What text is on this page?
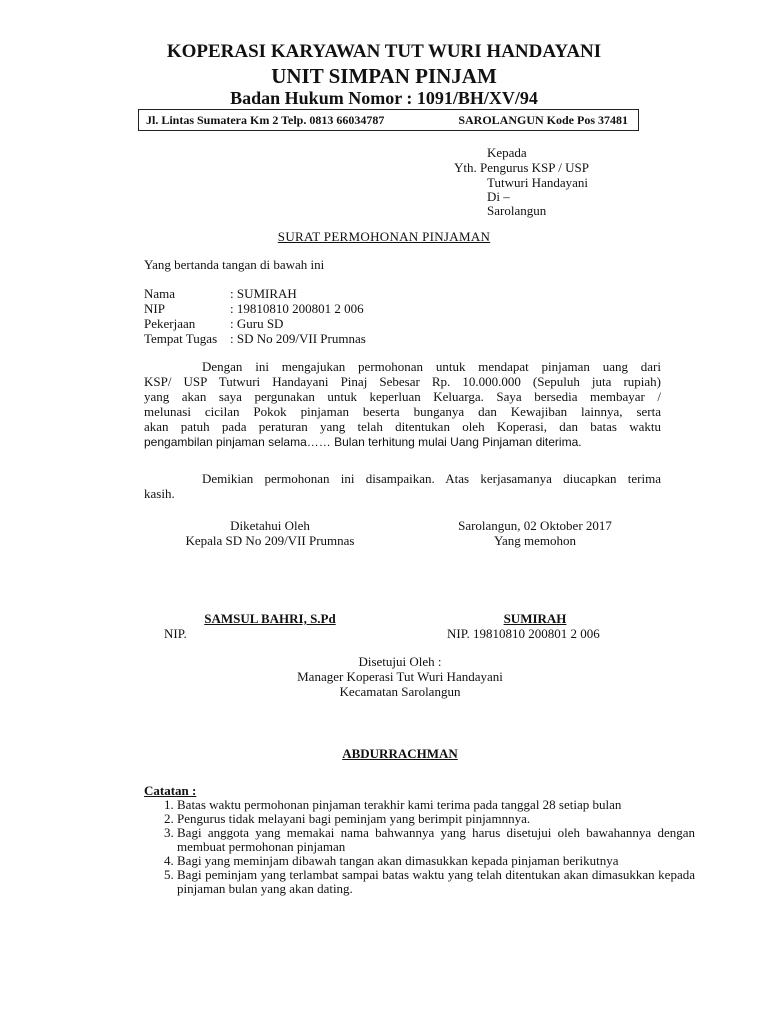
KOPERASI KARYAWAN TUT WURI HANDAYANI
UNIT SIMPAN PINJAM
Badan Hukum Nomor : 1091/BH/XV/94
Jl. Lintas Sumatera Km 2 Telp. 0813 66034787	SAROLANGUN Kode Pos 37481
Kepada
Yth. Pengurus KSP / USP
Tutwuri Handayani
Di –
Sarolangun
SURAT PERMOHONAN PINJAMAN
Yang bertanda tangan di bawah ini
Nama	: SUMIRAH
NIP	: 19810810 200801 2 006
Pekerjaan	: Guru SD
Tempat Tugas : SD No 209/VII Prumnas
Dengan ini mengajukan permohonan untuk mendapat pinjaman uang dari
KSP/ USP Tutwuri Handayani Pinaj Sebesar Rp. 10.000.000 (Sepuluh juta rupiah)
yang akan saya pergunakan untuk keperluan Keluarga. Saya bersedia membayar /
melunasi cicilan Pokok pinjaman beserta bunganya dan Kewajiban lainnya, serta
akan patuh pada peraturan yang telah ditentukan oleh Koperasi, dan batas waktu
pengambilan pinjaman selama…… Bulan terhitung mulai Uang Pinjaman diterima.
Demikian permohonan ini disampaikan. Atas kerjasamanya diucapkan terima
kasih.
Diketahui Oleh
Kepala SD No 209/VII Prumnas
Sarolangun, 02 Oktober 2017
Yang memohon
SAMSUL BAHRI, S.Pd
NIP.
SUMIRAH
NIP. 19810810 200801 2 006
Disetujui Oleh :
Manager Koperasi Tut Wuri Handayani
Kecamatan Sarolangun
ABDURRACHMAN
Catatan :
1. Batas waktu permohonan pinjaman terakhir kami terima pada tanggal 28 setiap bulan
2. Pengurus tidak melayani bagi peminjam yang berimpit pinjamnnya.
3. Bagi anggota yang memakai nama bahwannya yang harus disetujui oleh bawahannya dengan membuat permohonan pinjaman
4. Bagi yang meminjam dibawah tangan akan dimasukkan kepada pinjaman berikutnya
5. Bagi peminjam yang terlambat sampai batas waktu yang telah ditentukan akan dimasukkan kepada pinjaman bulan yang akan dating.
